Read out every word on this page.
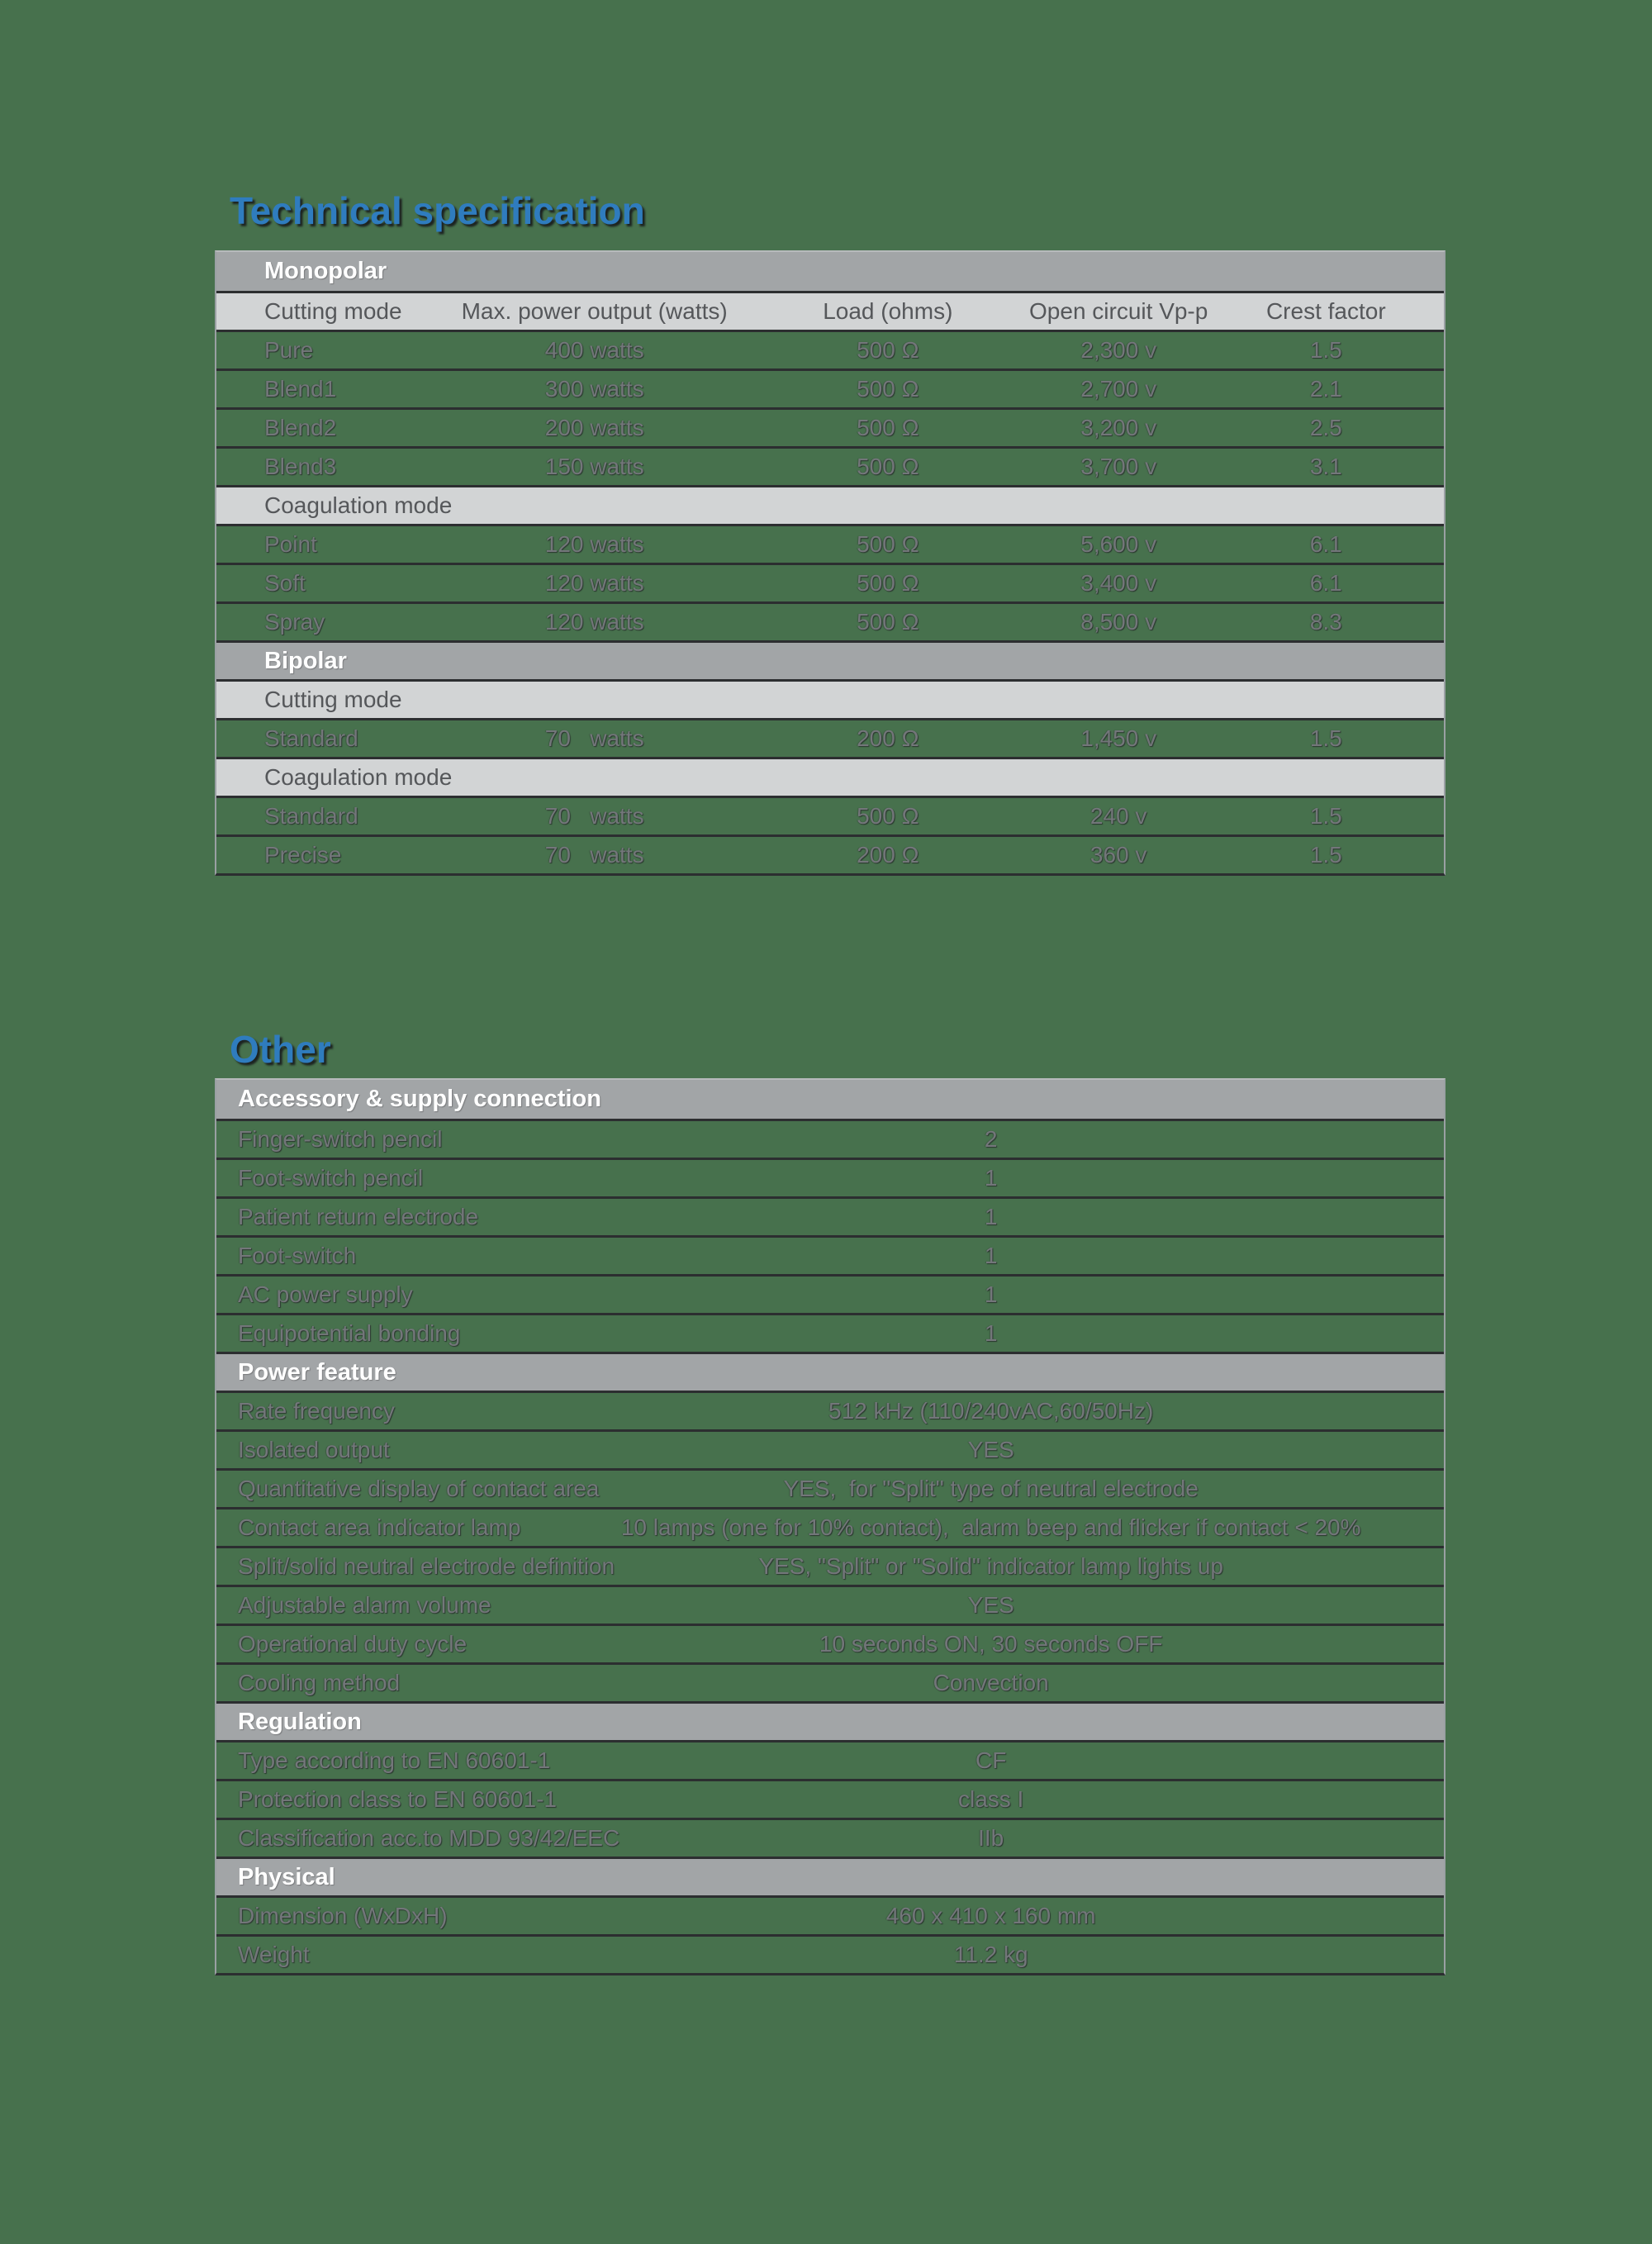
Technical specification
Monopolar
Cutting mode	Max. power output (watts)	Load (ohms)	Open circuit Vp-p	Crest factor
Pure	400 watts	500 Ω	2,300 v	1.5
Blend1	300 watts	500 Ω	2,700 v	2.1
Blend2	200 watts	500 Ω	3,200 v	2.5
Blend3	150 watts	500 Ω	3,700 v	3.1
Coagulation mode
Point	120 watts	500 Ω	5,600 v	6.1
Soft	120 watts	500 Ω	3,400 v	6.1
Spray	120 watts	500 Ω	8,500 v	8.3
Bipolar
Cutting mode
Standard	70   watts	200 Ω	1,450 v	1.5
Coagulation mode
Standard	70   watts	500 Ω	240 v	1.5
Precise	70   watts	200 Ω	360 v	1.5
Other
Accessory & supply connection
Finger-switch pencil	2
Foot-switch pencil	1
Patient return electrode	1
Foot-switch	1
AC power supply	1
Equipotential bonding	1
Power feature
Rate frequency	512 kHz (110/240vAC,60/50Hz)
Isolated output	YES
Quantitative display of contact area	YES,  for "Split" type of neutral electrode
Contact area indicator lamp	10 lamps (one for 10% contact),  alarm beep and flicker if contact < 20%
Split/solid neutral electrode definition	YES, "Split" or "Solid" indicator lamp lights up
Adjustable alarm volume	YES
Operational duty cycle	10 seconds ON, 30 seconds OFF
Cooling method	Convection
Regulation
Type according to EN 60601-1	CF
Protection class to EN 60601-1	class I
Classification acc.to MDD 93/42/EEC	IIb
Physical
Dimension (WxDxH)	460 x 410 x 160 mm
Weight	11.2 kg
